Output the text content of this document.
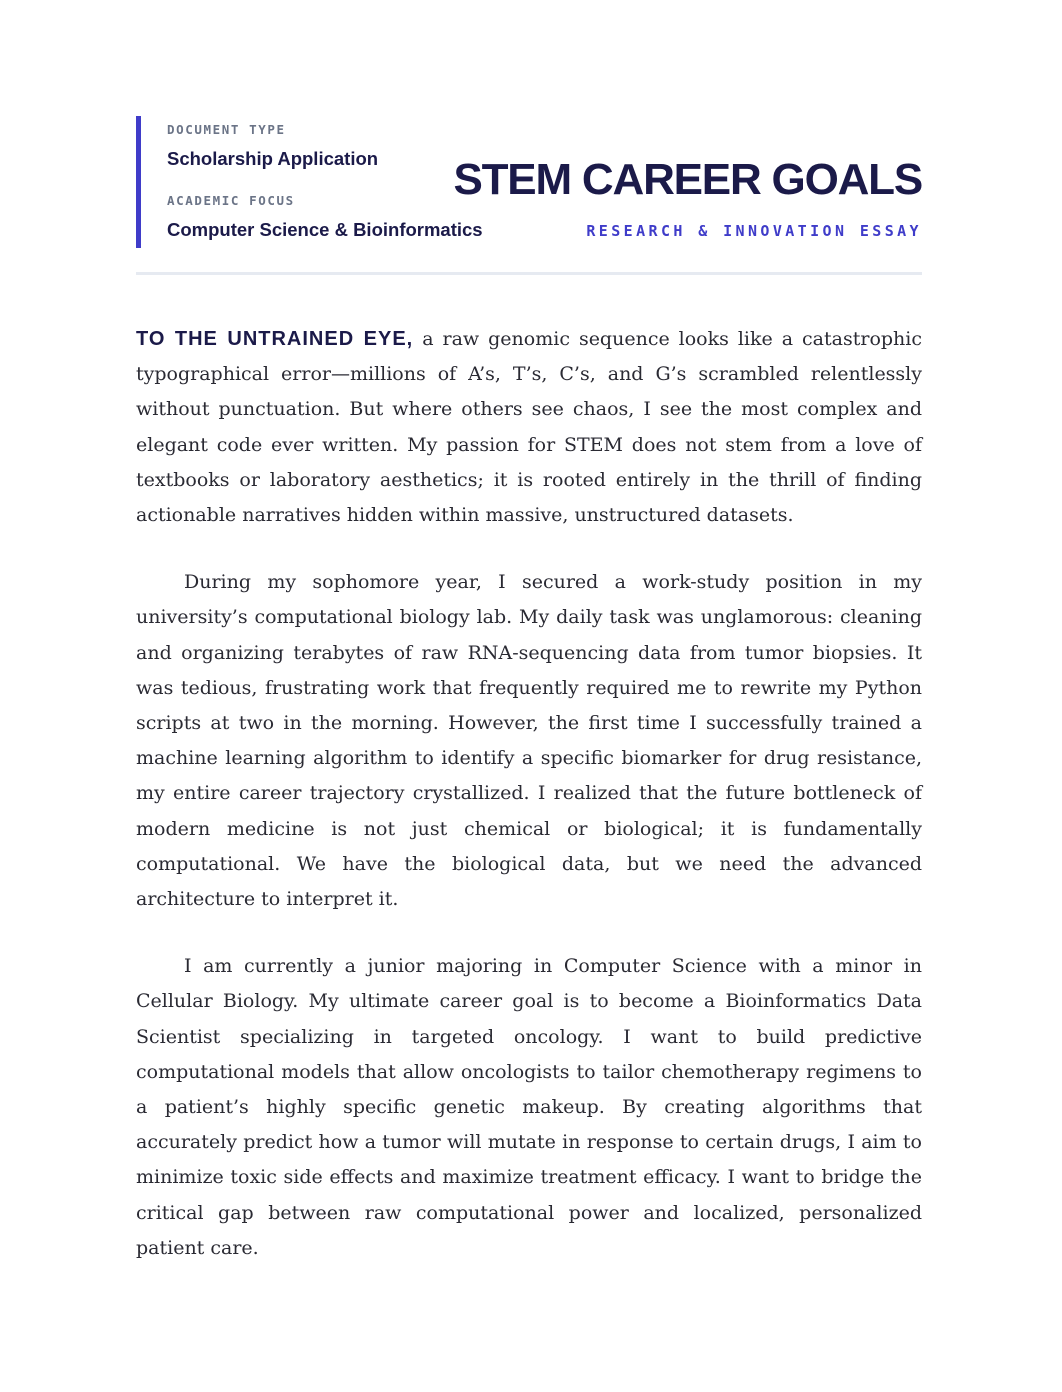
DOCUMENT TYPE
Scholarship Application
ACADEMIC FOCUS
Computer Science & Bioinformatics
STEM CAREER GOALS
RESEARCH & INNOVATION ESSAY

TO THE UNTRAINED EYE, a raw genomic sequence looks like a catastrophic typographical error—millions of A’s, T’s, C’s, and G’s scrambled relentlessly without punctuation. But where others see chaos, I see the most complex and elegant code ever written. My passion for STEM does not stem from a love of textbooks or laboratory aesthetics; it is rooted entirely in the thrill of finding actionable narratives hidden within massive, unstructured datasets.

During my sophomore year, I secured a work-study position in my university’s computational biology lab. My daily task was unglamorous: cleaning and organizing terabytes of raw RNA-sequencing data from tumor biopsies. It was tedious, frustrating work that frequently required me to rewrite my Python scripts at two in the morning. However, the first time I successfully trained a machine learning algorithm to identify a specific biomarker for drug resistance, my entire career trajectory crystallized. I realized that the future bottleneck of modern medicine is not just chemical or biological; it is fundamentally computational. We have the biological data, but we need the advanced architecture to interpret it.

I am currently a junior majoring in Computer Science with a minor in Cellular Biology. My ultimate career goal is to become a Bioinformatics Data Scientist specializing in targeted oncology. I want to build predictive computational models that allow oncologists to tailor chemotherapy regimens to a patient’s highly specific genetic makeup. By creating algorithms that accurately predict how a tumor will mutate in response to certain drugs, I aim to minimize toxic side effects and maximize treatment efficacy. I want to bridge the critical gap between raw computational power and localized, personalized patient care.
